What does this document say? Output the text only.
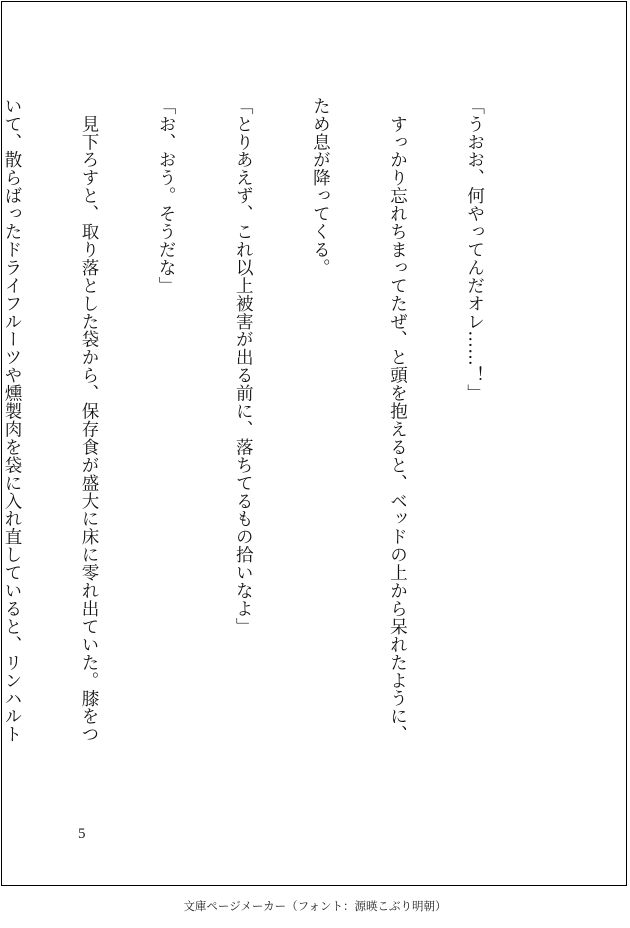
「うおお、何やってんだオレ……！」

　すっかり忘れちまってたぜ、と頭を抱えると、ベッドの上から呆れたように、

ため息が降ってくる。

「とりあえず、これ以上被害が出る前に、落ちてるもの拾いなよ」

「お、おう。そうだな」

　見下ろすと、取り落とした袋から、保存食が盛大に床に零れ出ていた。膝をつ

いて、散らばったドライフルーツや燻製肉を袋に入れ直していると、リンハルト

5
文庫ページメーカー（フォント：源暎こぶり明朝）
